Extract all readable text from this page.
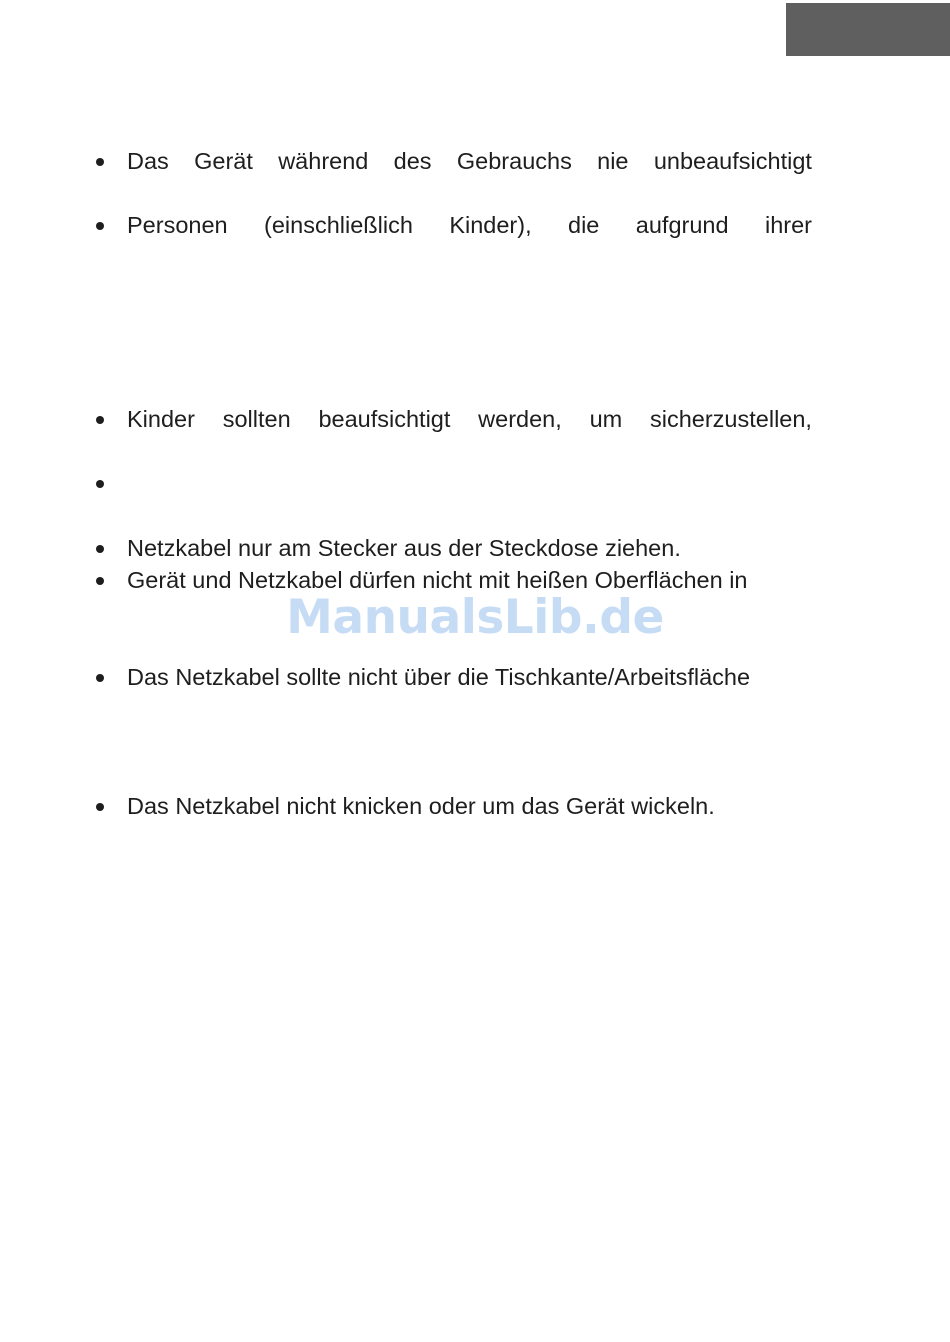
Das Gerät während des Gebrauchs nie unbeaufsichtigt
Personen (einschließlich Kinder), die aufgrund ihrer
Kinder sollten beaufsichtigt werden, um sicherzustellen,
Netzkabel nur am Stecker aus der Steckdose ziehen.
Gerät und Netzkabel dürfen nicht mit heißen Oberflächen in
ManualsLib.de
Das Netzkabel sollte nicht über die Tischkante/Arbeitsfläche
Das Netzkabel nicht knicken oder um das Gerät wickeln.
